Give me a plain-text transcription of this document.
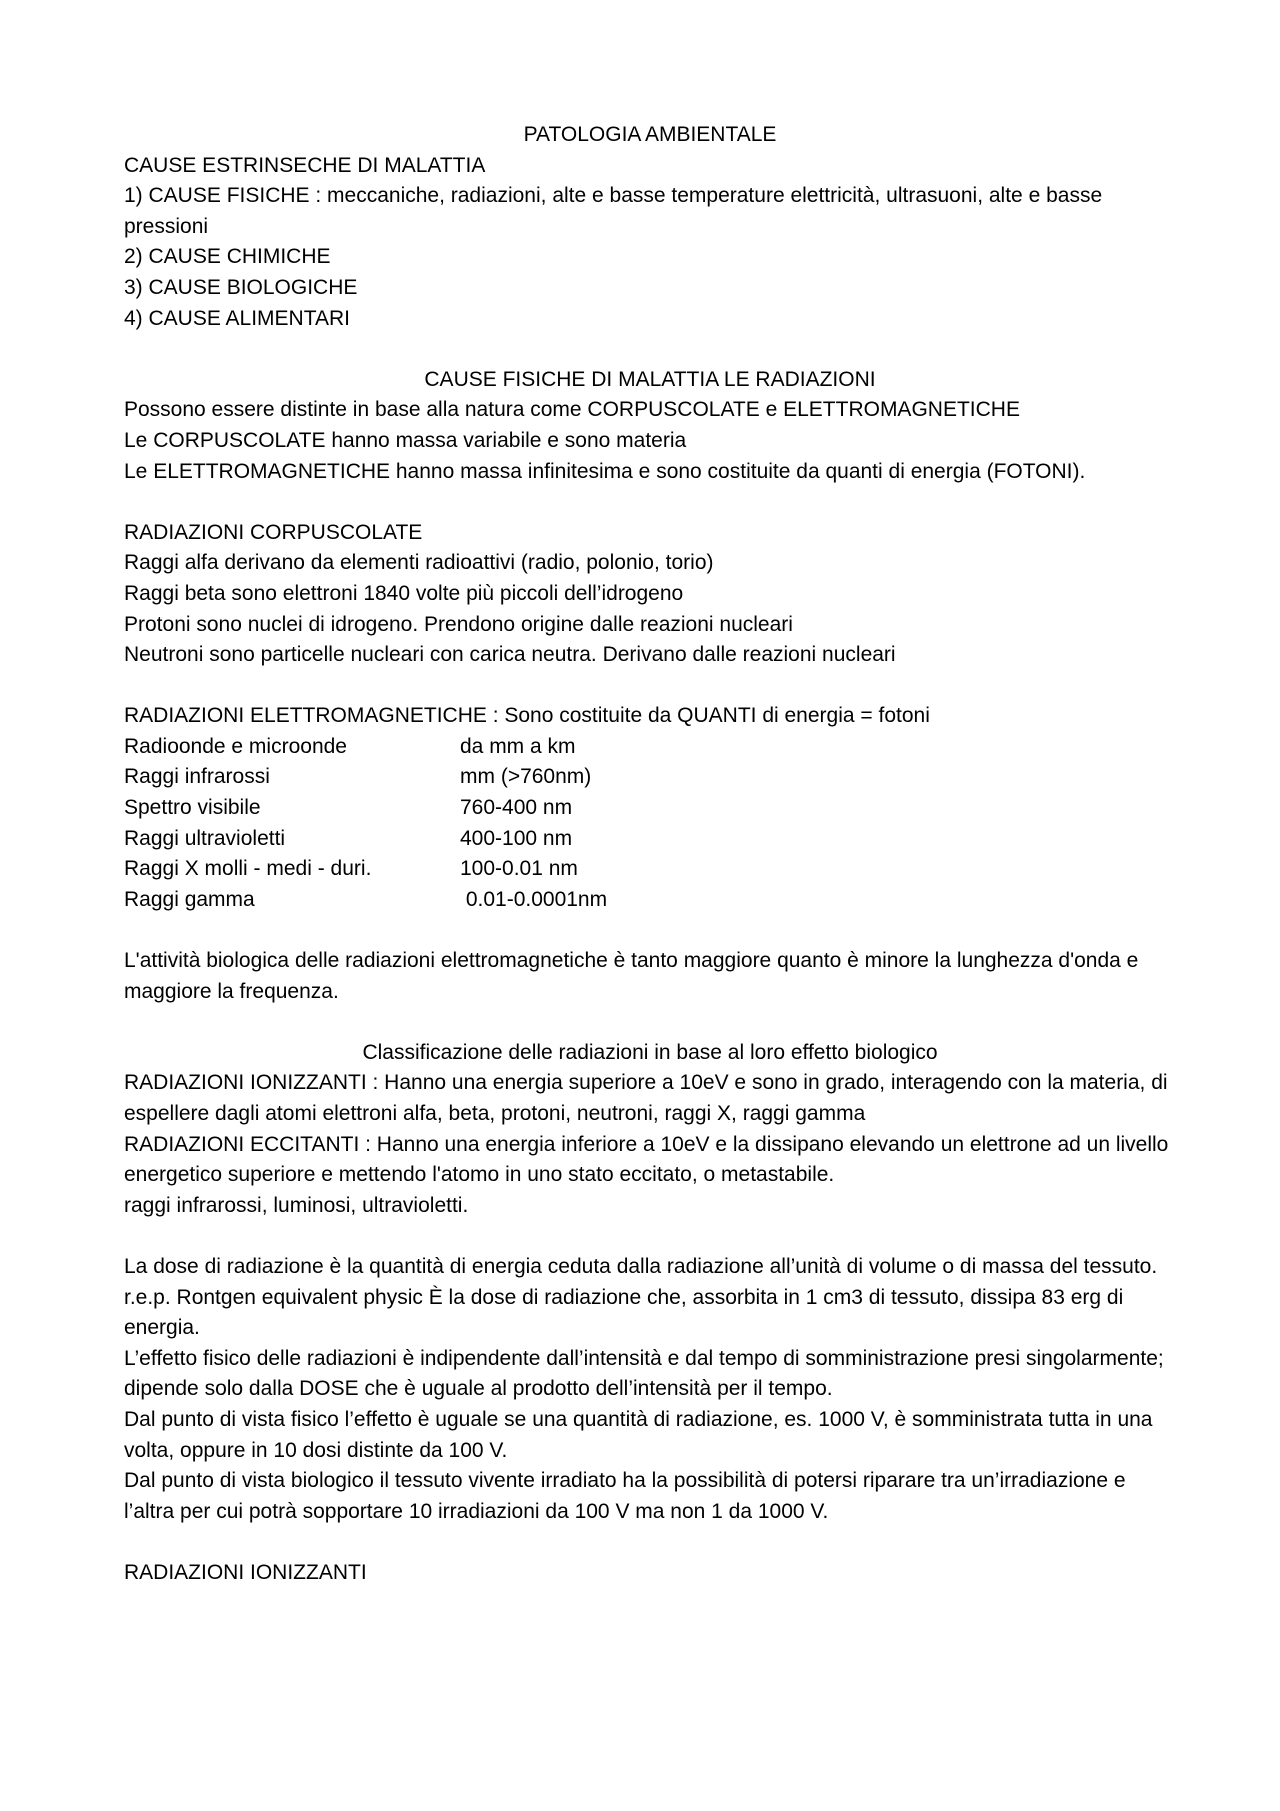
PATOLOGIA AMBIENTALE
CAUSE ESTRINSECHE DI MALATTIA
1) CAUSE FISICHE : meccaniche, radiazioni, alte e basse temperature elettricità, ultrasuoni, alte e basse pressioni
2) CAUSE CHIMICHE
3) CAUSE BIOLOGICHE
4) CAUSE ALIMENTARI
CAUSE FISICHE DI MALATTIA LE RADIAZIONI
Possono essere distinte in base alla natura come CORPUSCOLATE e ELETTROMAGNETICHE
Le CORPUSCOLATE hanno massa variabile e sono materia
Le ELETTROMAGNETICHE hanno massa infinitesima e sono costituite da quanti di energia (FOTONI).
RADIAZIONI CORPUSCOLATE
Raggi alfa derivano da elementi radioattivi (radio, polonio, torio)
Raggi beta sono elettroni 1840 volte più piccoli dell’idrogeno
Protoni sono nuclei di idrogeno. Prendono origine dalle reazioni nucleari
Neutroni sono particelle nucleari con carica neutra. Derivano dalle reazioni nucleari
RADIAZIONI ELETTROMAGNETICHE : Sono costituite da QUANTI di energia = fotoni
Radioonde e microonde	da mm a km
Raggi infrarossi	mm (>760nm)
Spettro visibile	760-400 nm
Raggi ultravioletti	400-100 nm
Raggi X molli - medi - duri.	100-0.01 nm
Raggi gamma	0.01-0.0001nm
L'attività biologica delle radiazioni elettromagnetiche è tanto maggiore quanto è minore la lunghezza d'onda e maggiore la frequenza.
Classificazione delle radiazioni in base al loro effetto biologico
RADIAZIONI IONIZZANTI : Hanno una energia superiore a 10eV e sono in grado, interagendo con la materia, di espellere dagli atomi elettroni alfa, beta, protoni, neutroni, raggi X, raggi gamma
RADIAZIONI ECCITANTI : Hanno una energia inferiore a 10eV e la dissipano elevando un elettrone ad un livello energetico superiore e mettendo l'atomo in uno stato eccitato, o metastabile.
raggi infrarossi, luminosi, ultravioletti.
La dose di radiazione è la quantità di energia ceduta dalla radiazione all’unità di volume o di massa del tessuto.
r.e.p. Rontgen equivalent physic È la dose di radiazione che, assorbita in 1 cm3 di tessuto, dissipa 83 erg di energia.
L’effetto fisico delle radiazioni è indipendente dall’intensità e dal tempo di somministrazione presi singolarmente; dipende solo dalla DOSE che è uguale al prodotto dell’intensità per il tempo.
Dal punto di vista fisico l’effetto è uguale se una quantità di radiazione, es. 1000 V, è somministrata tutta in una volta, oppure in 10 dosi distinte da 100 V.
Dal punto di vista biologico il tessuto vivente irradiato ha la possibilità di potersi riparare tra un’irradiazione e l’altra per cui potrà sopportare 10 irradiazioni da 100 V ma non 1 da 1000 V.
RADIAZIONI IONIZZANTI
